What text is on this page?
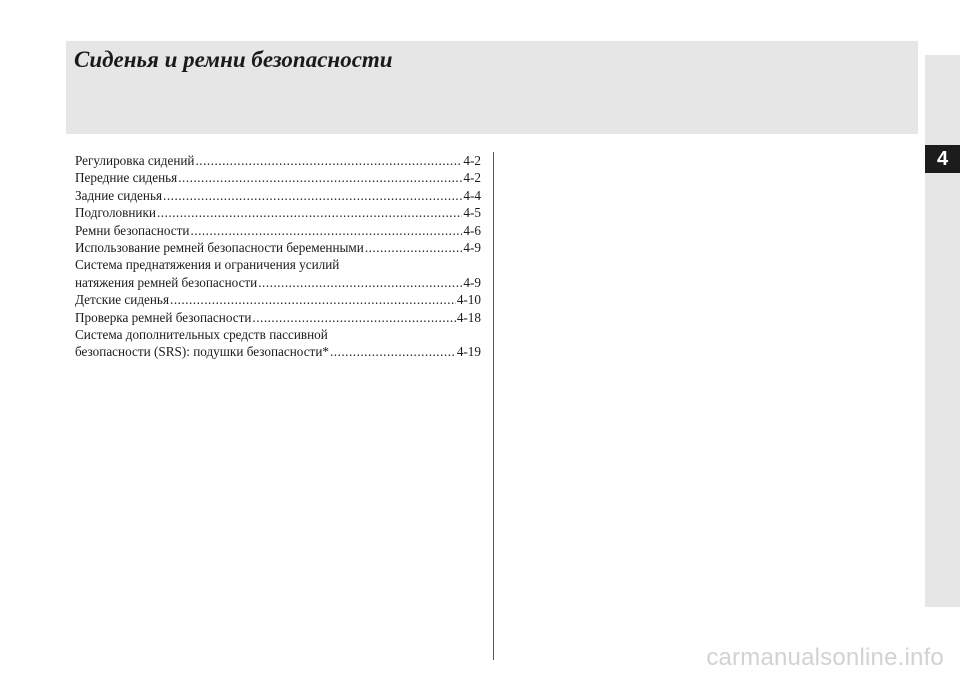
Сиденья и ремни безопасности
4
Регулировка сидений .....	4-2
Передние сиденья .....	4-2
Задние сиденья .....	4-4
Подголовники .....	4-5
Ремни безопасности .....	4-6
Использование ремней безопасности беременными .....	4-9
Система преднатяжения и ограничения усилий
натяжения ремней безопасности .....	4-9
Детские сиденья .....	4-10
Проверка ремней безопасности .....	4-18
Система дополнительных средств пассивной
безопасности (SRS): подушки безопасности* .....	4-19
carmanualsonline.info
